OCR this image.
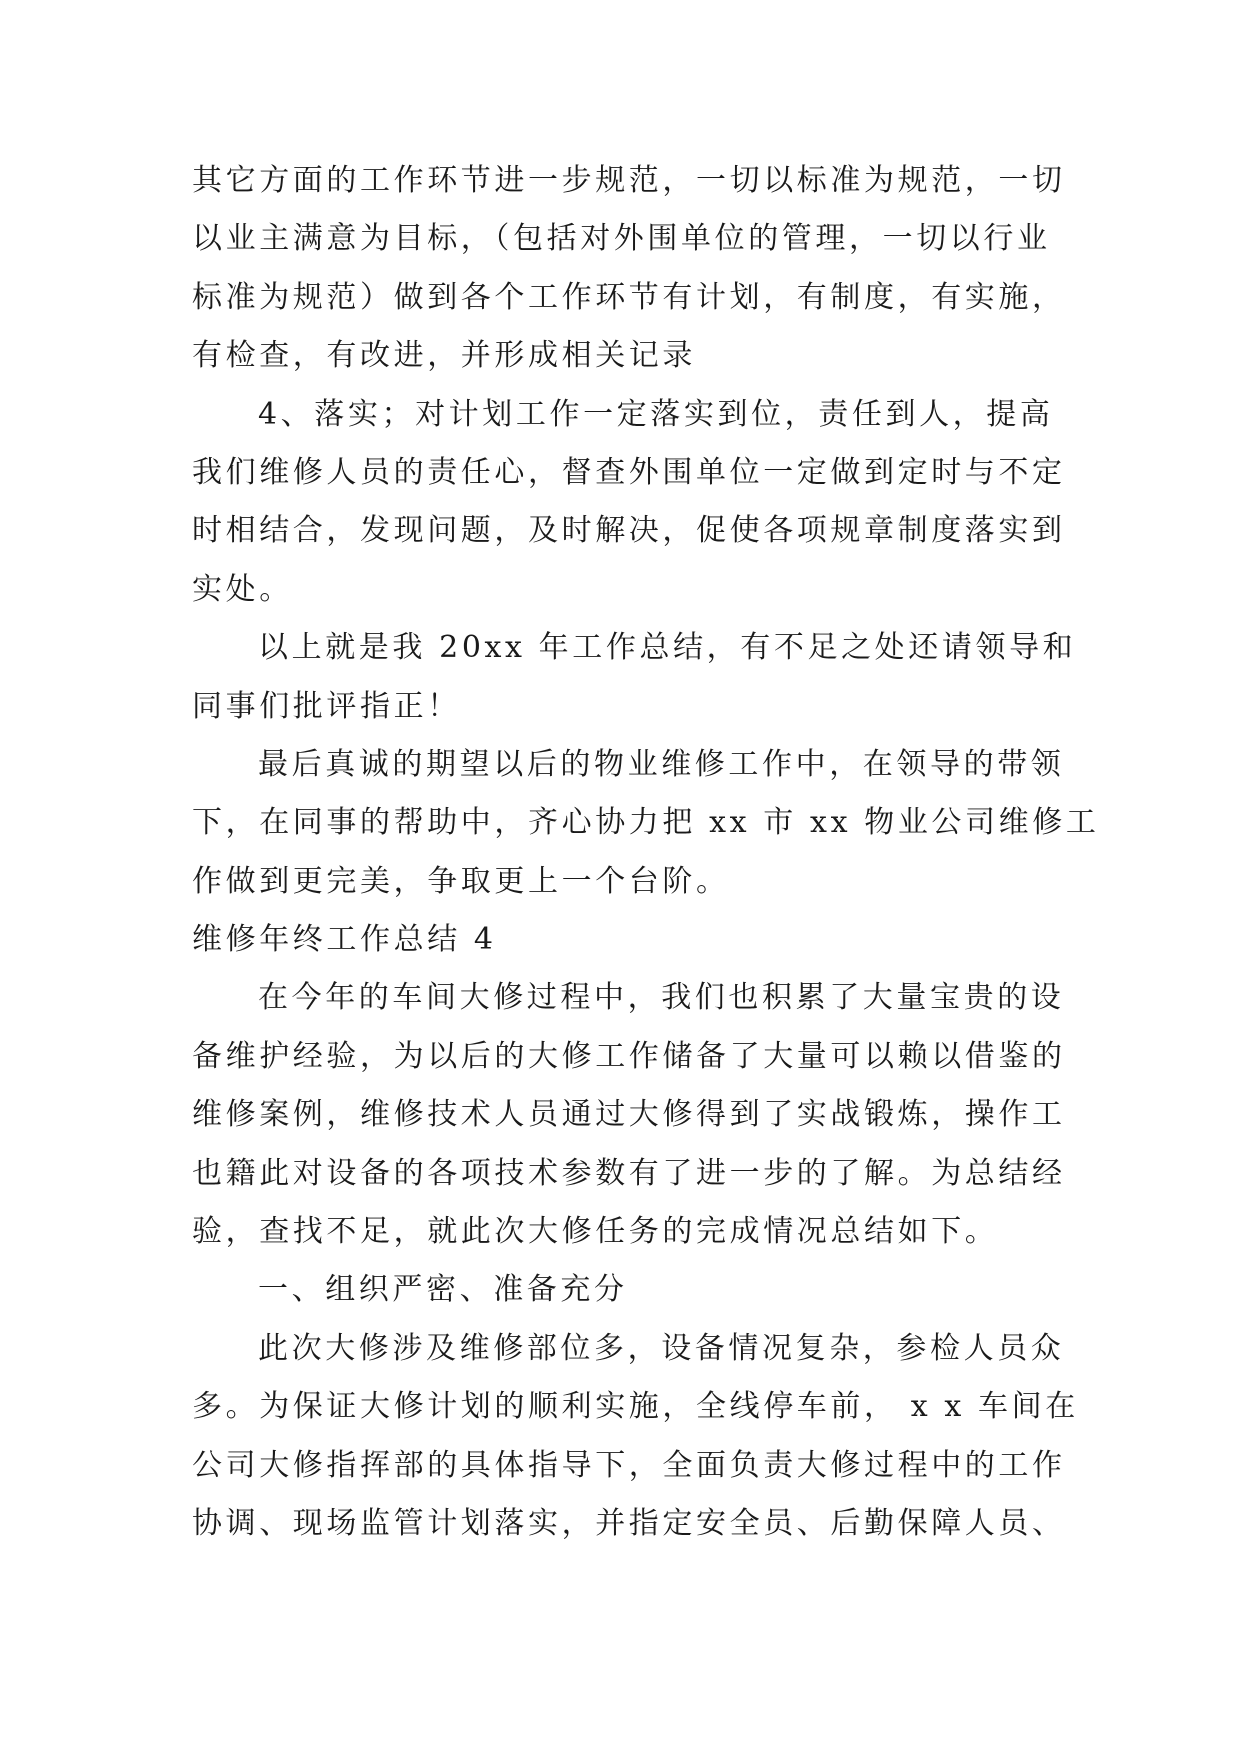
其它方面的工作环节进一步规范，一切以标准为规范，一切
以业主满意为目标，（包括对外围单位的管理，一切以行业
标准为规范）做到各个工作环节有计划，有制度，有实施，
有检查，有改进，并形成相关记录
4、落实；对计划工作一定落实到位，责任到人，提高
我们维修人员的责任心，督查外围单位一定做到定时与不定
时相结合，发现问题，及时解决，促使各项规章制度落实到
实处。
以上就是我 20xx 年工作总结，有不足之处还请领导和
同事们批评指正！
最后真诚的期望以后的物业维修工作中，在领导的带领
下，在同事的帮助中，齐心协力把 xx 市 xx 物业公司维修工
作做到更完美，争取更上一个台阶。
维修年终工作总结 4
在今年的车间大修过程中，我们也积累了大量宝贵的设
备维护经验，为以后的大修工作储备了大量可以赖以借鉴的
维修案例，维修技术人员通过大修得到了实战锻炼，操作工
也籍此对设备的各项技术参数有了进一步的了解。为总结经
验，查找不足，就此次大修任务的完成情况总结如下。
一、组织严密、准备充分
此次大修涉及维修部位多，设备情况复杂，参检人员众
多。为保证大修计划的顺利实施，全线停车前， x x 车间在
公司大修指挥部的具体指导下，全面负责大修过程中的工作
协调、现场监管计划落实，并指定安全员、后勤保障人员、
